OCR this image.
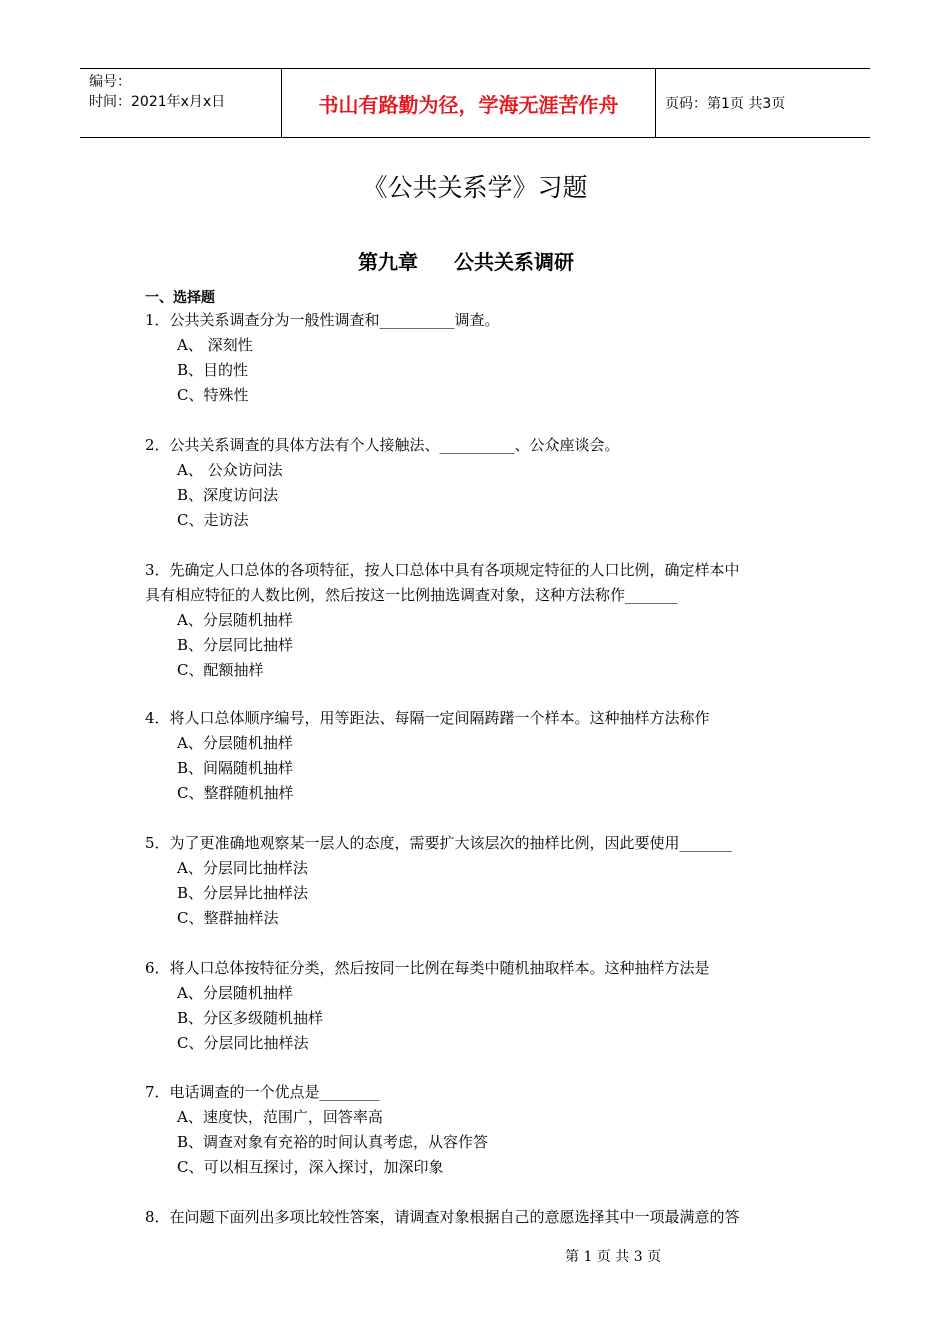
编号：
时间：2021年x月x日	书山有路勤为径，学海无涯苦作舟	页码：第1页 共3页
《公共关系学》习题
第九章 公共关系调研
一、选择题
1．公共关系调查分为一般性调查和__________调查。
A、 深刻性
B、目的性
C、特殊性
2．公共关系调查的具体方法有个人接触法、__________、公众座谈会。
A、 公众访问法
B、深度访问法
C、走访法
3．先确定人口总体的各项特征，按人口总体中具有各项规定特征的人口比例，确定样本中
具有相应特征的人数比例，然后按这一比例抽选调查对象，这种方法称作_______
A、分层随机抽样
B、分层同比抽样
C、配额抽样
4．将人口总体顺序编号，用等距法、每隔一定间隔踌躇一个样本。这种抽样方法称作
A、分层随机抽样
B、间隔随机抽样
C、整群随机抽样
5．为了更准确地观察某一层人的态度，需要扩大该层次的抽样比例，因此要使用_______
A、分层同比抽样法
B、分层异比抽样法
C、整群抽样法
6．将人口总体按特征分类，然后按同一比例在每类中随机抽取样本。这种抽样方法是
A、分层随机抽样
B、分区多级随机抽样
C、分层同比抽样法
7．电话调查的一个优点是________
A、速度快，范围广，回答率高
B、调查对象有充裕的时间认真考虑，从容作答
C、可以相互探讨，深入探讨，加深印象
8．在问题下面列出多项比较性答案，请调查对象根据自己的意愿选择其中一项最满意的答
第 1 页 共 3 页
